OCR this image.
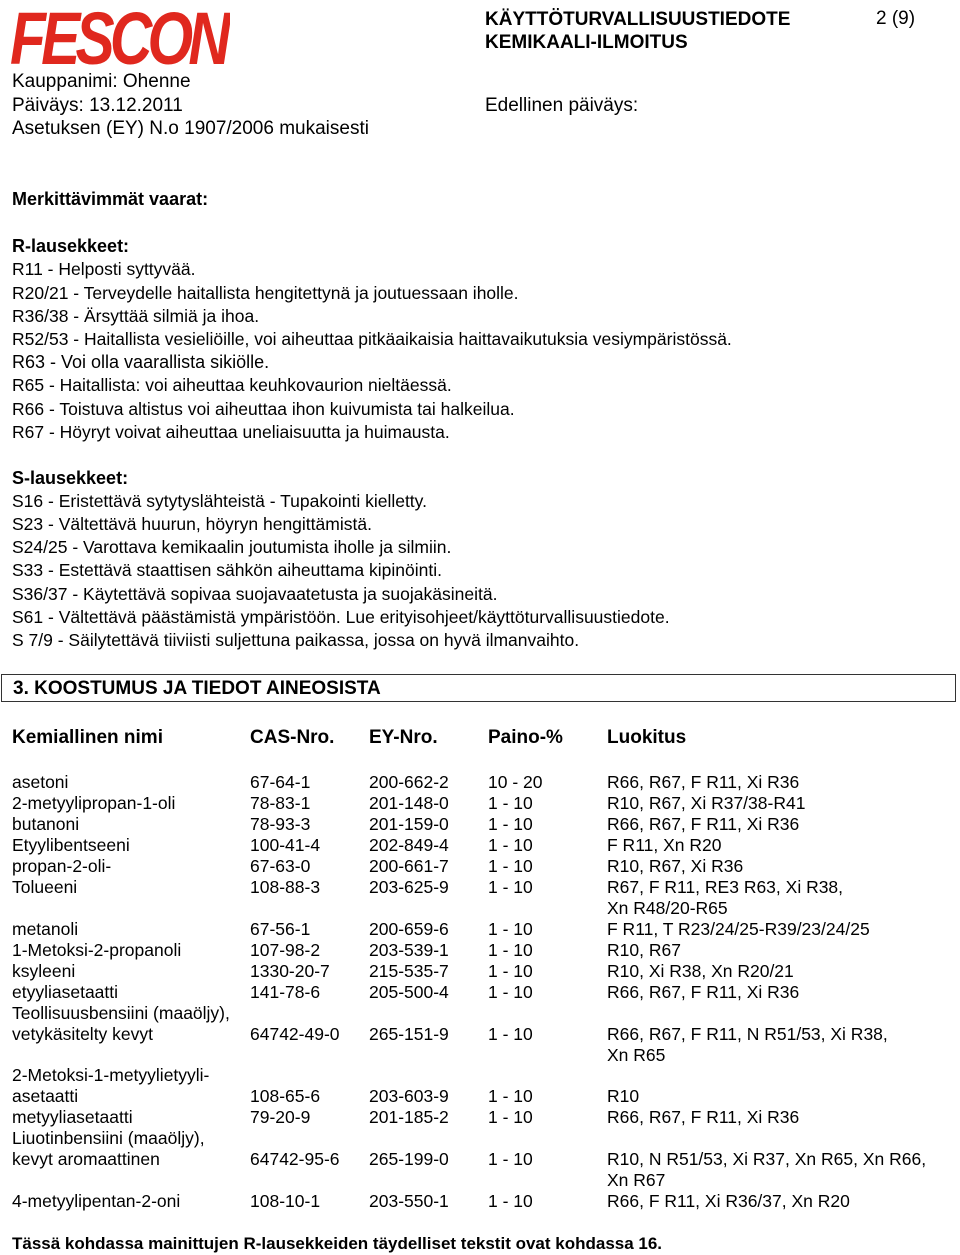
FESCON	KÄYTTÖTURVALLISUUSTIEDOTE
KEMIKAALI-ILMOITUS
2 (9)
Kauppanimi: Ohenne
Päiväys: 13.12.2011
Asetuksen (EY) N.o 1907/2006 mukaisesti
Edellinen päiväys:
Merkittävimmät vaarat:
R-lausekkeet:
R11 - Helposti syttyvää.
R20/21 - Terveydelle haitallista hengitettynä ja joutuessaan iholle.
R36/38 - Ärsyttää silmiä ja ihoa.
R52/53 - Haitallista vesieliöille, voi aiheuttaa pitkäaikaisia haittavaikutuksia vesiympäristössä.
R63 - Voi olla vaarallista sikiölle.
R65 - Haitallista: voi aiheuttaa keuhkovaurion nieltäessä.
R66 - Toistuva altistus voi aiheuttaa ihon kuivumista tai halkeilua.
R67 - Höyryt voivat aiheuttaa uneliaisuutta ja huimausta.
S-lausekkeet:
S16 - Eristettävä sytytyslähteistä - Tupakointi kielletty.
S23 - Vältettävä huurun, höyryn hengittämistä.
S24/25 - Varottava kemikaalin joutumista iholle ja silmiin.
S33 - Estettävä staattisen sähkön aiheuttama kipinöinti.
S36/37 - Käytettävä sopivaa suojavaatetusta ja suojakäsineitä.
S61 - Vältettävä päästämistä ympäristöön. Lue erityisohjeet/käyttöturvallisuustiedote.
S 7/9 - Säilytettävä tiiviisti suljettuna paikassa, jossa on hyvä ilmanvaihto.
3. KOOSTUMUS JA TIEDOT AINEOSISTA
Kemiallinen nimi	CAS-Nro. EY-Nro.	Paino-% Luokitus
asetoni	67-64-1	200-662-2 10 - 20	R66, R67, F R11, Xi R36
2-metyylipropan-1-oli	78-83-1	201-148-0 1 - 10	R10, R67, Xi R37/38-R41
butanoni	78-93-3	201-159-0 1 - 10	R66, R67, F R11, Xi R36
Etyylibentseeni	100-41-4	202-849-4 1 - 10	F R11, Xn R20
propan-2-oli-	67-63-0	200-661-7 1 - 10	R10, R67, Xi R36
Tolueeni	108-88-3	203-625-9 1 - 10	R67, F R11, RE3 R63, Xi R38,
Xn R48/20-R65
metanoli	67-56-1	200-659-6 1 - 10	F R11, T R23/24/25-R39/23/24/25
1-Metoksi-2-propanoli	107-98-2	203-539-1 1 - 10	R10, R67
ksyleeni	1330-20-7 215-535-7 1 - 10	R10, Xi R38, Xn R20/21
etyyliasetaatti	141-78-6	205-500-4 1 - 10	R66, R67, F R11, Xi R36
Teollisuusbensiini (maaöljy),
vetykäsitelty kevyt	64742-49-0 265-151-9 1 - 10	R66, R67, F R11, N R51/53, Xi R38,
Xn R65
2-Metoksi-1-metyylietyyli-
asetaatti	108-65-6	203-603-9 1 - 10	R10
metyyliasetaatti	79-20-9	201-185-2 1 - 10	R66, R67, F R11, Xi R36
Liuotinbensiini (maaöljy),
kevyt aromaattinen	64742-95-6 265-199-0 1 - 10	R10, N R51/53, Xi R37, Xn R65, Xn R66,
Xn R67
4-metyylipentan-2-oni	108-10-1	203-550-1 1 - 10	R66, F R11, Xi R36/37, Xn R20
Tässä kohdassa mainittujen R-lausekkeiden täydelliset tekstit ovat kohdassa 16.
